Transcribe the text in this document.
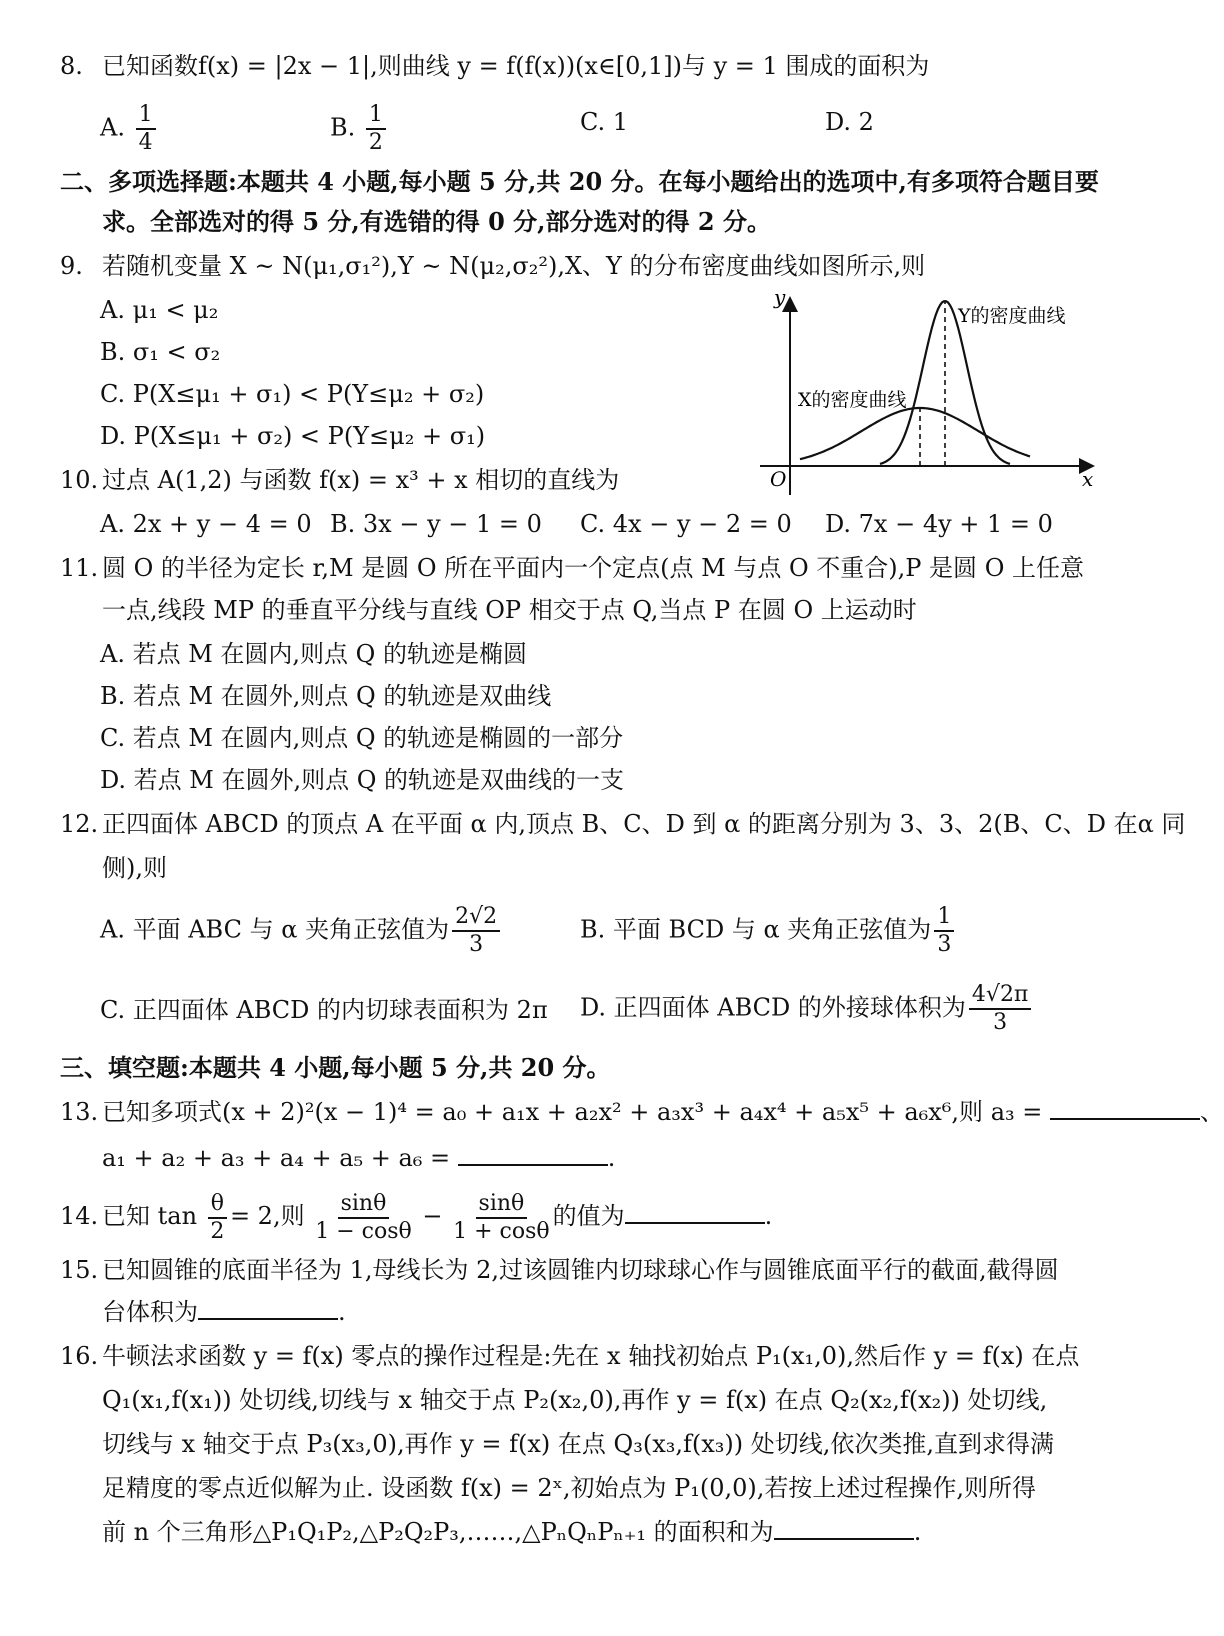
8. 已知函数f(x) = |2x − 1|,则曲线 y = f(f(x))(x∈[0,1])与 y = 1 围成的面积为
A. $\frac{1}{4}$	B. $\frac{1}{2}$	C. 1	D. 2
二、多项选择题:本题共 4 小题,每小题 5 分,共 20 分。在每小题给出的选项中,有多项符合题目要
求。全部选对的得 5 分,有选错的得 0 分,部分选对的得 2 分。
9. 若随机变量 X ~ N(μ₁,σ₁²),Y ~ N(μ₂,σ₂²),X、Y 的分布密度曲线如图所示,则
A. μ₁ < μ₂
B. σ₁ < σ₂
C. P(X≤μ₁ + σ₁) < P(Y≤μ₂ + σ₂)
D. P(X≤μ₁ + σ₂) < P(Y≤μ₂ + σ₁)
y
x
O
X的密度曲线
Y的密度曲线
10. 过点 A(1,2) 与函数 f(x) = x³ + x 相切的直线为
A. 2x + y − 4 = 0 B. 3x − y − 1 = 0 C. 4x − y − 2 = 0 D. 7x − 4y + 1 = 0
11. 圆 O 的半径为定长 r,M 是圆 O 所在平面内一个定点(点 M 与点 O 不重合),P 是圆 O 上任意
一点,线段 MP 的垂直平分线与直线 OP 相交于点 Q,当点 P 在圆 O 上运动时
A. 若点 M 在圆内,则点 Q 的轨迹是椭圆
B. 若点 M 在圆外,则点 Q 的轨迹是双曲线
C. 若点 M 在圆内,则点 Q 的轨迹是椭圆的一部分
D. 若点 M 在圆外,则点 Q 的轨迹是双曲线的一支
12. 正四面体 ABCD 的顶点 A 在平面 α 内,顶点 B、C、D 到 α 的距离分别为 3、3、2(B、C、D 在α 同
侧),则
A. 平面 ABC 与 α 夹角正弦值为 $\frac{2√2}{3}$	B. 平面 BCD 与 α 夹角正弦值为 $\frac{1}{3}$
C. 正四面体 ABCD 的内切球表面积为 2π D. 正四面体 ABCD 的外接球体积为 $\frac{4√2\pi}{3}$
三、填空题:本题共 4 小题,每小题 5 分,共 20 分。
13. 已知多项式(x + 2)²(x − 1)⁴ = a₀ + a₁x + a₂x² + a₃x³ + a₄x⁴ + a₅x⁵ + a₆x⁶,则 a₃ =	、
a₁ + a₂ + a₃ + a₄ + a₅ + a₆ =	.
14. 已知 $\tan \frac{\theta}{2} = 2$,则 $\frac{\sin\theta}{1 - \cos\theta} - \frac{\sin\theta}{1 + \cos\theta}$ 的值为	.
15. 已知圆锥的底面半径为 1,母线长为 2,过该圆锥内切球球心作与圆锥底面平行的截面,截得圆
台体积为	.
16. 牛顿法求函数 y = f(x) 零点的操作过程是:先在 x 轴找初始点 P₁(x₁,0),然后作 y = f(x) 在点
Q₁(x₁,f(x₁)) 处切线,切线与 x 轴交于点 P₂(x₂,0),再作 y = f(x) 在点 Q₂(x₂,f(x₂)) 处切线,
切线与 x 轴交于点 P₃(x₃,0),再作 y = f(x) 在点 Q₃(x₃,f(x₃)) 处切线,依次类推,直到求得满
足精度的零点近似解为止. 设函数 f(x) = 2ˣ,初始点为 P₁(0,0),若按上述过程操作,则所得
前 n 个三角形△P₁Q₁P₂,△P₂Q₂P₃,……,△PₙQₙPₙ₊₁ 的面积和为	.
